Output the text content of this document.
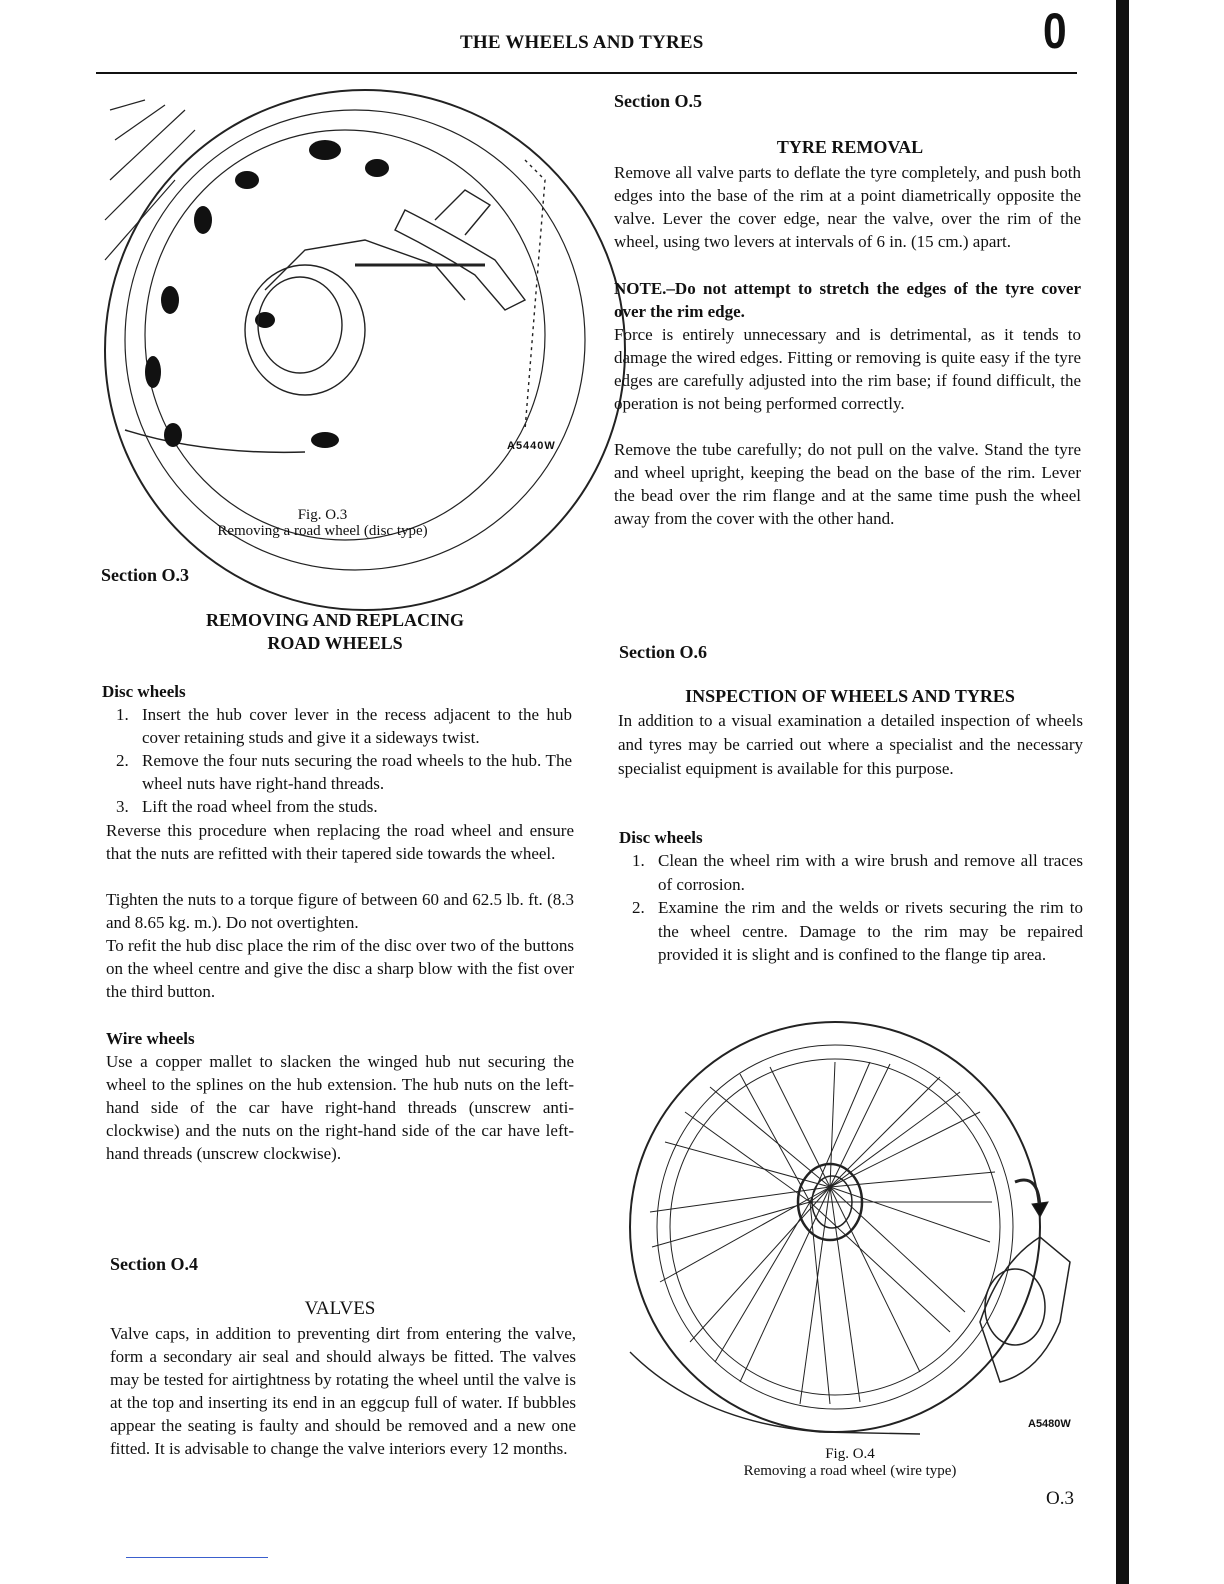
THE WHEELS AND TYRES	0
A5440W
Fig. O.3
Removing a road wheel (disc type)
Section O.3
REMOVING AND REPLACING
ROAD WHEELS
Disc wheels
1. Insert the hub cover lever in the recess adjacent to the hub cover retaining studs and give it a sideways twist.
2. Remove the four nuts securing the road wheels to the hub. The wheel nuts have right-hand threads.
3. Lift the road wheel from the studs.
Reverse this procedure when replacing the road wheel and ensure that the nuts are refitted with their tapered side towards the wheel.
Tighten the nuts to a torque figure of between 60 and 62.5 lb. ft. (8.3 and 8.65 kg. m.). Do not overtighten.
To refit the hub disc place the rim of the disc over two of the buttons on the wheel centre and give the disc a sharp blow with the fist over the third button.
Wire wheels
Use a copper mallet to slacken the winged hub nut securing the wheel to the splines on the hub extension. The hub nuts on the left-hand side of the car have right-hand threads (unscrew anti-clockwise) and the nuts on the right-hand side of the car have left-hand threads (unscrew clockwise).
Section O.4
VALVES
Valve caps, in addition to preventing dirt from entering the valve, form a secondary air seal and should always be fitted. The valves may be tested for airtightness by rotating the wheel until the valve is at the top and inserting its end in an eggcup full of water. If bubbles appear the seating is faulty and should be removed and a new one fitted. It is advisable to change the valve interiors every 12 months.
Section O.5
TYRE REMOVAL
Remove all valve parts to deflate the tyre completely, and push both edges into the base of the rim at a point diametrically opposite the valve. Lever the cover edge, near the valve, over the rim of the wheel, using two levers at intervals of 6 in. (15 cm.) apart.
NOTE.–Do not attempt to stretch the edges of the tyre cover over the rim edge.
Force is entirely unnecessary and is detrimental, as it tends to damage the wired edges. Fitting or removing is quite easy if the tyre edges are carefully adjusted into the rim base; if found difficult, the operation is not being performed correctly.
Remove the tube carefully; do not pull on the valve. Stand the tyre and wheel upright, keeping the bead on the base of the rim. Lever the bead over the rim flange and at the same time push the wheel away from the cover with the other hand.
Section O.6
INSPECTION OF WHEELS AND TYRES
In addition to a visual examination a detailed inspection of wheels and tyres may be carried out where a specialist and the necessary specialist equipment is available for this purpose.
Disc wheels
1. Clean the wheel rim with a wire brush and remove all traces of corrosion.
2. Examine the rim and the welds or rivets securing the rim to the wheel centre. Damage to the rim may be repaired provided it is slight and is confined to the flange tip area.
A5480W
Fig. O.4
Removing a road wheel (wire type)
O.3
